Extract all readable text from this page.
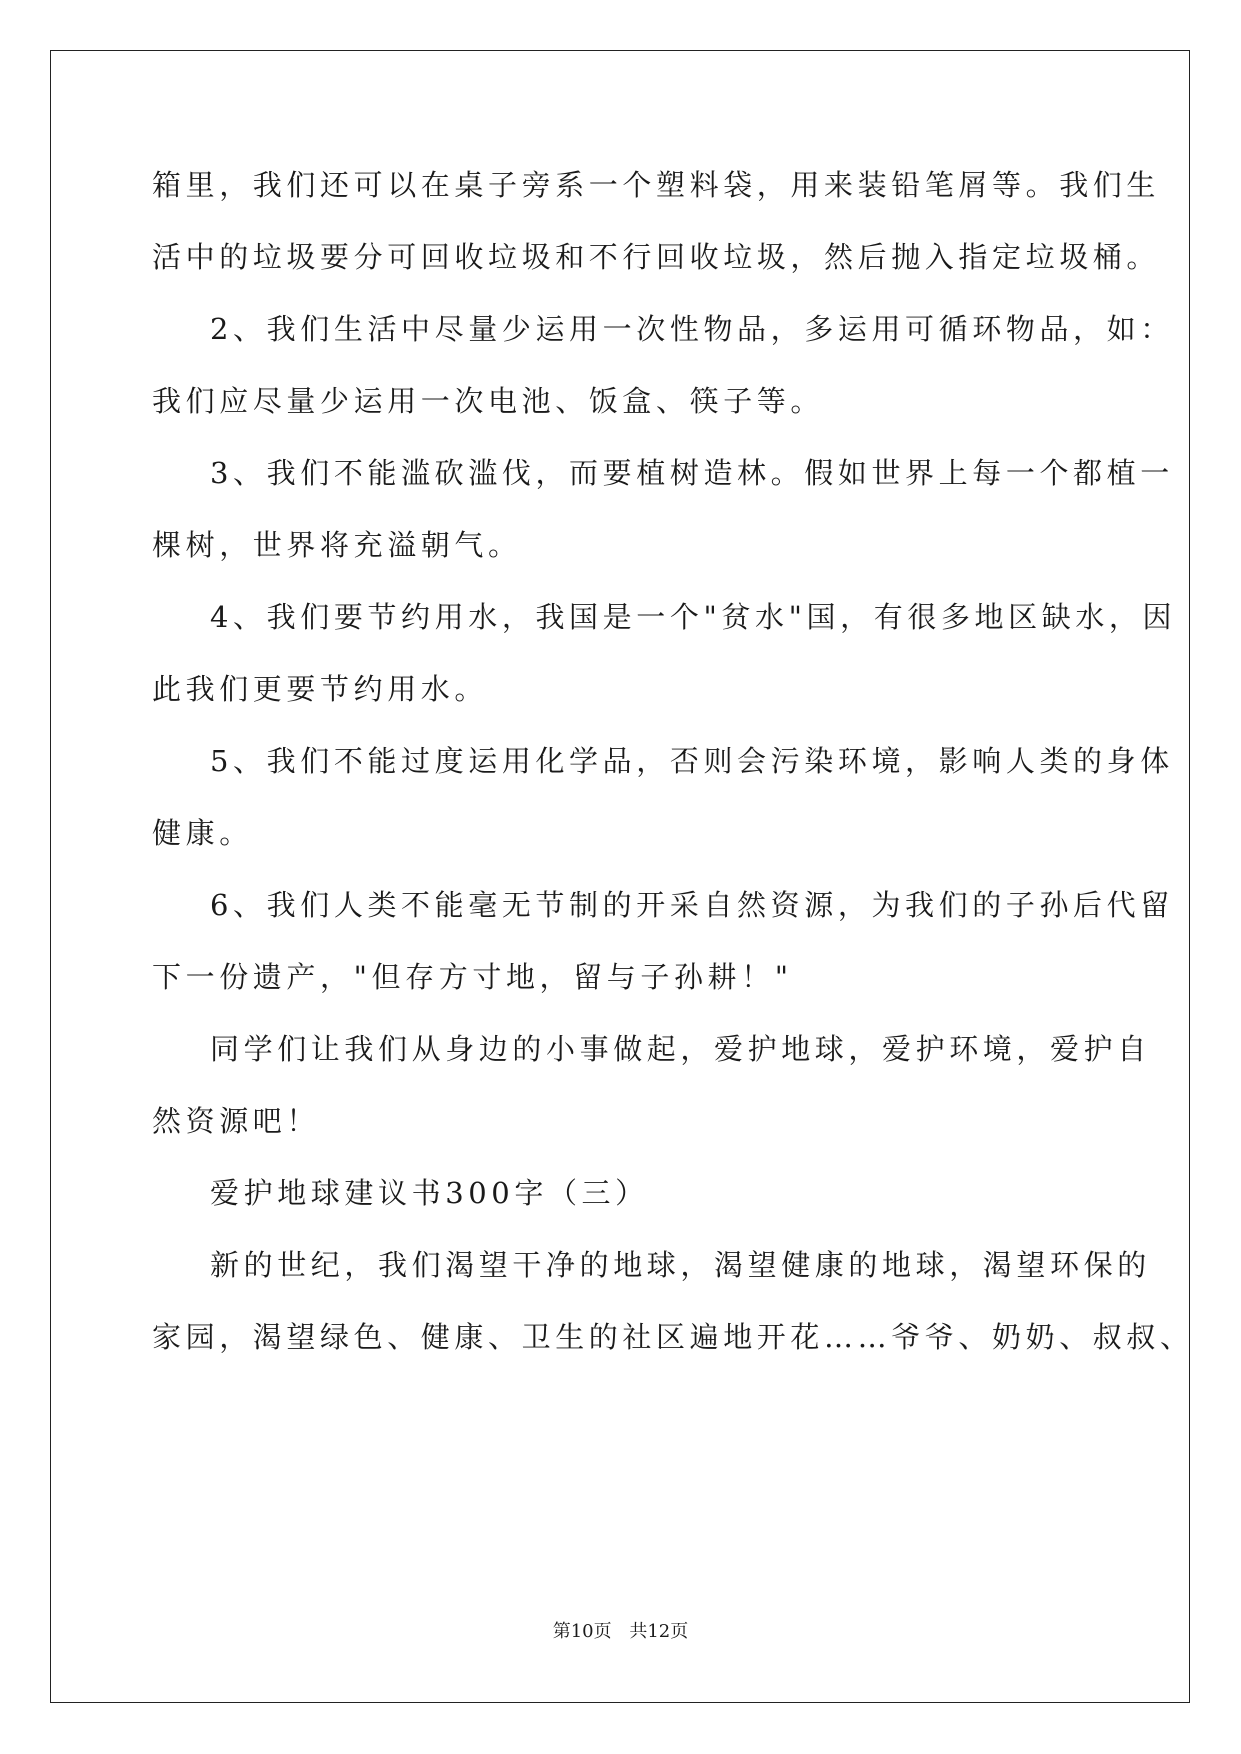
箱里，我们还可以在桌子旁系一个塑料袋，用来装铅笔屑等。我们生
活中的垃圾要分可回收垃圾和不行回收垃圾，然后抛入指定垃圾桶。
2、我们生活中尽量少运用一次性物品，多运用可循环物品，如：
我们应尽量少运用一次电池、饭盒、筷子等。
3、我们不能滥砍滥伐，而要植树造林。假如世界上每一个都植一
棵树，世界将充溢朝气。
4、我们要节约用水，我国是一个"贫水"国，有很多地区缺水，因
此我们更要节约用水。
5、我们不能过度运用化学品，否则会污染环境，影响人类的身体
健康。
6、我们人类不能毫无节制的开采自然资源，为我们的子孙后代留
下一份遗产，"但存方寸地，留与子孙耕！"
同学们让我们从身边的小事做起，爱护地球，爱护环境，爱护自
然资源吧！
爱护地球建议书300字（三）
新的世纪，我们渴望干净的地球，渴望健康的地球，渴望环保的
家园，渴望绿色、健康、卫生的社区遍地开花……爷爷、奶奶、叔叔、
第10页 共12页
